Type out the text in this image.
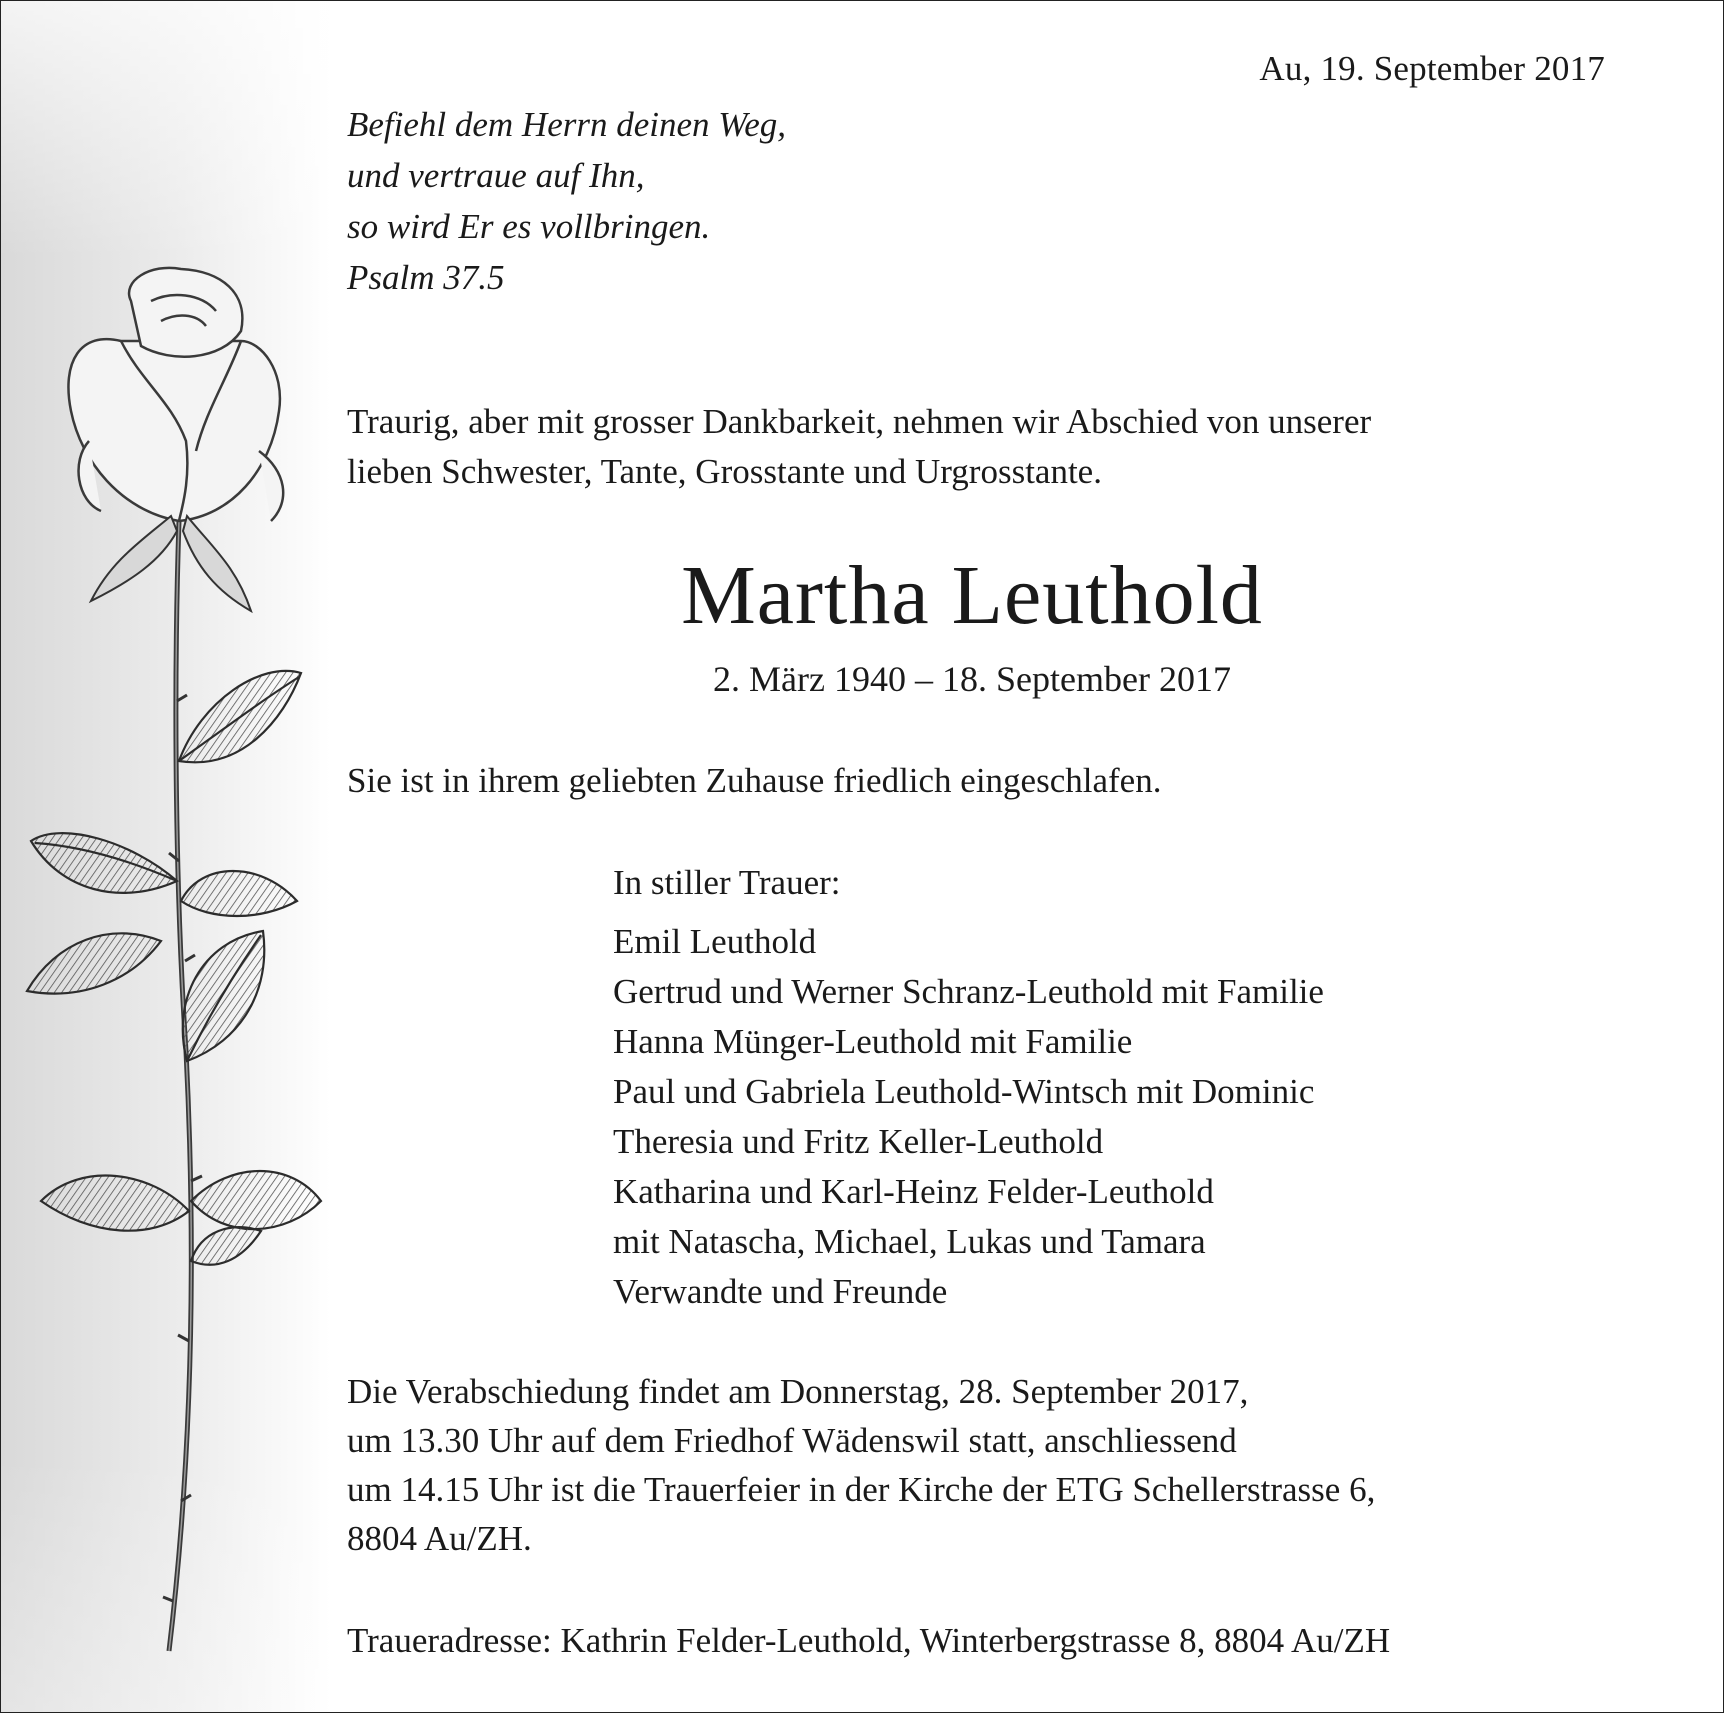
Au, 19. September 2017
Befiehl dem Herrn deinen Weg,
und vertraue auf Ihn,
so wird Er es vollbringen.
Psalm 37.5
Traurig, aber mit grosser Dankbarkeit, nehmen wir Abschied von unserer
lieben Schwester, Tante, Grosstante und Urgrosstante.
Martha Leuthold
2. März 1940 – 18. September 2017
Sie ist in ihrem geliebten Zuhause friedlich eingeschlafen.
In stiller Trauer:
Emil Leuthold
Gertrud und Werner Schranz-Leuthold mit Familie
Hanna Münger-Leuthold mit Familie
Paul und Gabriela Leuthold-Wintsch mit Dominic
Theresia und Fritz Keller-Leuthold
Katharina und Karl-Heinz Felder-Leuthold
mit Natascha, Michael, Lukas und Tamara
Verwandte und Freunde
Die Verabschiedung findet am Donnerstag, 28. September 2017,
um 13.30 Uhr auf dem Friedhof Wädenswil statt, anschliessend
um 14.15 Uhr ist die Trauerfeier in der Kirche der ETG Schellerstrasse 6,
8804 Au/ZH.
Traueradresse: Kathrin Felder-Leuthold, Winterbergstrasse 8, 8804 Au/ZH
